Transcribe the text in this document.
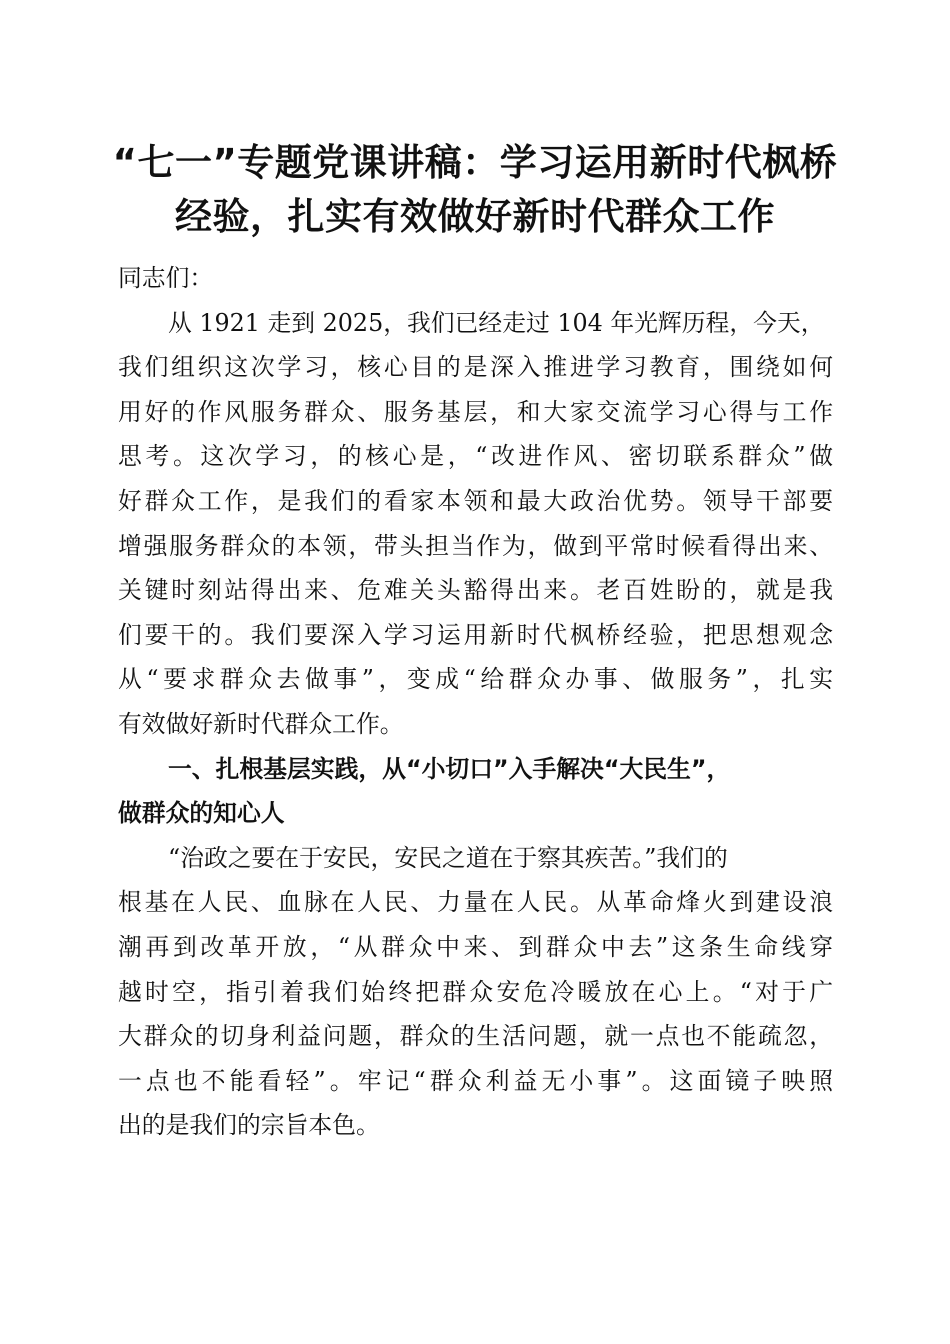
“七一”专题党课讲稿：学习运用新时代枫桥
经验，扎实有效做好新时代群众工作
同志们：
从 1921 走到 2025，我们已经走过 104 年光辉历程，今天，
我们组织这次学习，核心目的是深入推进学习教育，围绕如何
用好的作风服务群众、服务基层，和大家交流学习心得与工作
思考。这次学习，的核心是，“改进作风、密切联系群众”做
好群众工作，是我们的看家本领和最大政治优势。领导干部要
增强服务群众的本领，带头担当作为，做到平常时候看得出来、
关键时刻站得出来、危难关头豁得出来。老百姓盼的，就是我
们要干的。我们要深入学习运用新时代枫桥经验，把思想观念
从“要求群众去做事”，变成“给群众办事、做服务”，扎实
有效做好新时代群众工作。
一、扎根基层实践，从“小切口”入手解决“大民生”，
做群众的知心人
“治政之要在于安民，安民之道在于察其疾苦。”我们的
根基在人民、血脉在人民、力量在人民。从革命烽火到建设浪
潮再到改革开放，“从群众中来、到群众中去”这条生命线穿
越时空，指引着我们始终把群众安危冷暖放在心上。“对于广
大群众的切身利益问题，群众的生活问题，就一点也不能疏忽，
一点也不能看轻”。牢记“群众利益无小事”。这面镜子映照
出的是我们的宗旨本色。
